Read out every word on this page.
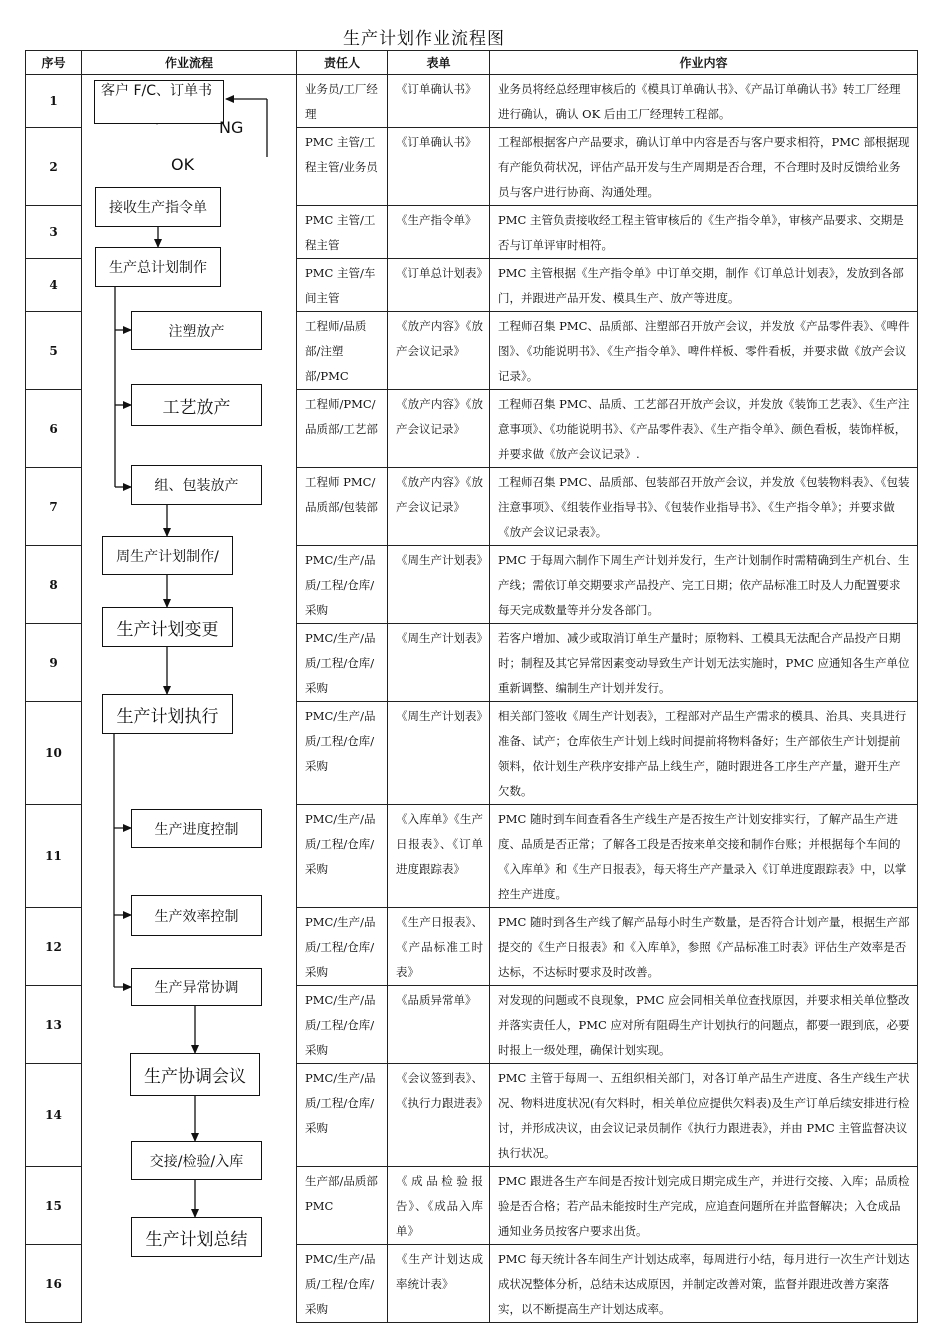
生产计划作业流程图
序号	作业流程	责任人	表单	作业内容
1		业务员/工厂经理	《订单确认书》	业务员将经总经理审核后的《模具订单确认书》、《产品订单确认书》转工厂经理进行确认，确认 OK 后由工厂经理转工程部。
2		PMC 主管/工程主管/业务员	《订单确认书》	工程部根据客户产品要求，确认订单中内容是否与客户要求相符，PMC 部根据现有产能负荷状况，评估产品开发与生产周期是否合理，不合理时及时反馈给业务员与客户进行协商、沟通处理。
3		PMC 主管/工程主管	《生产指令单》	PMC 主管负责接收经工程主管审核后的《生产指令单》，审核产品要求、交期是否与订单评审时相符。
4		PMC 主管/车间主管	《订单总计划表》	PMC 主管根据《生产指令单》中订单交期，制作《订单总计划表》，发放到各部门，并跟进产品开发、模具生产、放产等进度。
5		工程师/品质部/注塑部/PMC	《放产内容》《放产会议记录》	工程师召集 PMC、品质部、注塑部召开放产会议，并发放《产品零件表》、《啤件图》、《功能说明书》、《生产指令单》、啤件样板、零件看板，并要求做《放产会议记录》。
6		工程师/PMC/品质部/工艺部	《放产内容》《放产会议记录》	工程师召集 PMC、品质、工艺部召开放产会议，并发放《装饰工艺表》、《生产注意事项》、《功能说明书》、《产品零件表》、《生产指令单》、颜色看板，装饰样板，并要求做《放产会议记录》.
7		工程师 PMC/品质部/包装部	《放产内容》《放产会议记录》	工程师召集 PMC、品质部、包装部召开放产会议，并发放《包装物料表》、《包装注意事项》、《组装作业指导书》、《包装作业指导书》、《生产指令单》；并要求做《放产会议记录表》。
8		PMC/生产/品质/工程/仓库/采购	《周生产计划表》	PMC 于每周六制作下周生产计划并发行，生产计划制作时需精确到生产机台、生产线；需依订单交期要求产品投产、完工日期；依产品标准工时及人力配置要求每天完成数量等并分发各部门。
9		PMC/生产/品质/工程/仓库/采购	《周生产计划表》	若客户增加、减少或取消订单生产量时；原物料、工模具无法配合产品投产日期时；制程及其它异常因素变动导致生产计划无法实施时，PMC 应通知各生产单位重新调整、编制生产计划并发行。
10		PMC/生产/品质/工程/仓库/采购	《周生产计划表》	相关部门签收《周生产计划表》，工程部对产品生产需求的模具、治具、夹具进行准备、试产；仓库依生产计划上线时间提前将物料备好；生产部依生产计划提前领料，依计划生产秩序安排产品上线生产，随时跟进各工序生产产量，避开生产欠数。
11		PMC/生产/品质/工程/仓库/采购	《入库单》《生产日报表》、《订单进度跟踪表》	PMC 随时到车间查看各生产线生产是否按生产计划安排实行，了解产品生产进度、品质是否正常；了解各工段是否按来单交接和制作台账；并根据每个车间的《入库单》和《生产日报表》，每天将生产产量录入《订单进度跟踪表》中，以掌控生产进度。
12		PMC/生产/品质/工程/仓库/采购	《生产日报表》、《产品标准工时表》	PMC 随时到各生产线了解产品每小时生产数量，是否符合计划产量，根据生产部提交的《生产日报表》和《入库单》，参照《产品标准工时表》评估生产效率是否达标，不达标时要求及时改善。
13		PMC/生产/品质/工程/仓库/采购	《品质异常单》	对发现的问题或不良现象，PMC 应会同相关单位查找原因，并要求相关单位整改并落实责任人，PMC 应对所有阻碍生产计划执行的问题点，都要一跟到底，必要时报上一级处理，确保计划实现。
14		PMC/生产/品质/工程/仓库/采购	《会议签到表》、《执行力跟进表》	PMC 主管于每周一、五组织相关部门，对各订单产品生产进度、各生产线生产状况、物料进度状况(有欠料时，相关单位应提供欠料表)及生产订单后续安排进行检讨，并形成决议，由会议记录员制作《执行力跟进表》，并由 PMC 主管监督决议执行状况。
15		生产部/品质部 PMC	《成品检验报告》、《成品入库单》	PMC 跟进各生产车间是否按计划完成日期完成生产，并进行交接、入库；品质检验是否合格；若产品未能按时生产完成，应追查问题所在并监督解决；入仓成品通知业务员按客户要求出货。
16		PMC/生产/品质/工程/仓库/采购	《生产计划达成率统计表》	PMC 每天统计各车间生产计划达成率，每周进行小结，每月进行一次生产计划达成状况整体分析，总结未达成原因，并制定改善对策，监督并跟进改善方案落实，以不断提高生产计划达成率。
客户 F/C、订单书
接收生产指令单
生产总计划制作
注塑放产
工艺放产
组、包装放产
周生产计划制作/
生产计划变更
生产计划执行
生产进度控制
生产效率控制
生产异常协调
生产协调会议
交接/检验/入库
生产计划总结
NG
OK
